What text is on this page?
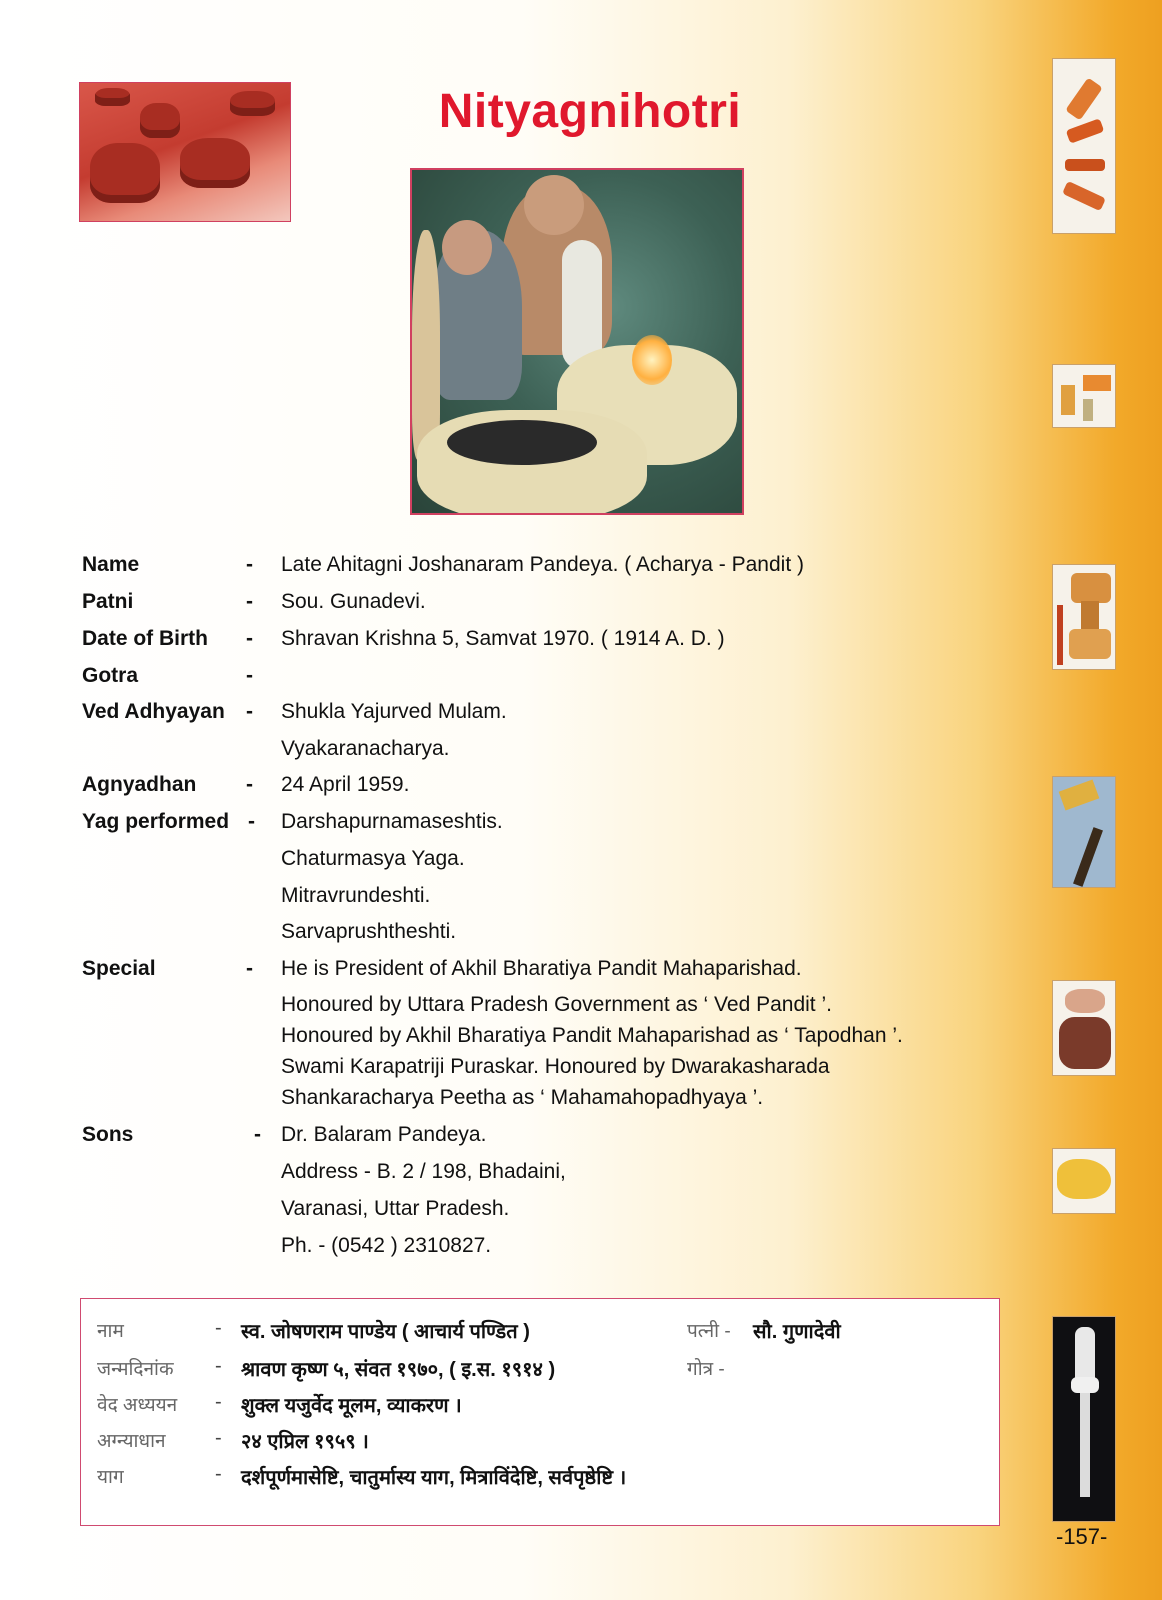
Nityagnihotri
Name	- Late Ahitagni Joshanaram Pandeya. ( Acharya - Pandit )
Patni	- Sou. Gunadevi.
Date of Birth - Shravan Krishna 5, Samvat 1970. ( 1914 A. D. )
Gotra	-
Ved Adhyayan - Shukla Yajurved Mulam.
Vyakaranacharya.
Agnyadhan - 24 April 1959.
Yag performed - Darshapurnamaseshtis.
Chaturmasya Yaga.
Mitravrundeshti.
Sarvaprushtheshti.
Special	- He is President of Akhil Bharatiya Pandit Mahaparishad.
Honoured by Uttara Pradesh Government as ‘ Ved Pandit ’.
Honoured by Akhil Bharatiya Pandit Mahaparishad as ‘ Tapodhan ’.
Swami Karapatriji Puraskar. Honoured by Dwarakasharada
Shankaracharya Peetha as ‘ Mahamahopadhyaya ’.
Sons	- Dr. Balaram Pandeya.
Address - B. 2 / 198, Bhadaini,
Varanasi, Uttar Pradesh.
Ph. - (0542 ) 2310827.
नाम	- स्व. जोषणराम पाण्डेय ( आचार्य पण्डित )	पत्नी - सौ. गुणादेवी
जन्मदिनांक - श्रावण कृष्ण ५, संवत १९७०, ( इ.स. १९१४ )	गोत्र -
वेद अध्ययन - शुक्ल यजुर्वेद मूलम, व्याकरण ।
अग्न्याधान - २४ एप्रिल १९५९ ।
याग	- दर्शपूर्णमासेष्टि, चातुर्मास्य याग, मित्राविंदेष्टि, सर्वपृष्ठेष्टि ।
-157-
